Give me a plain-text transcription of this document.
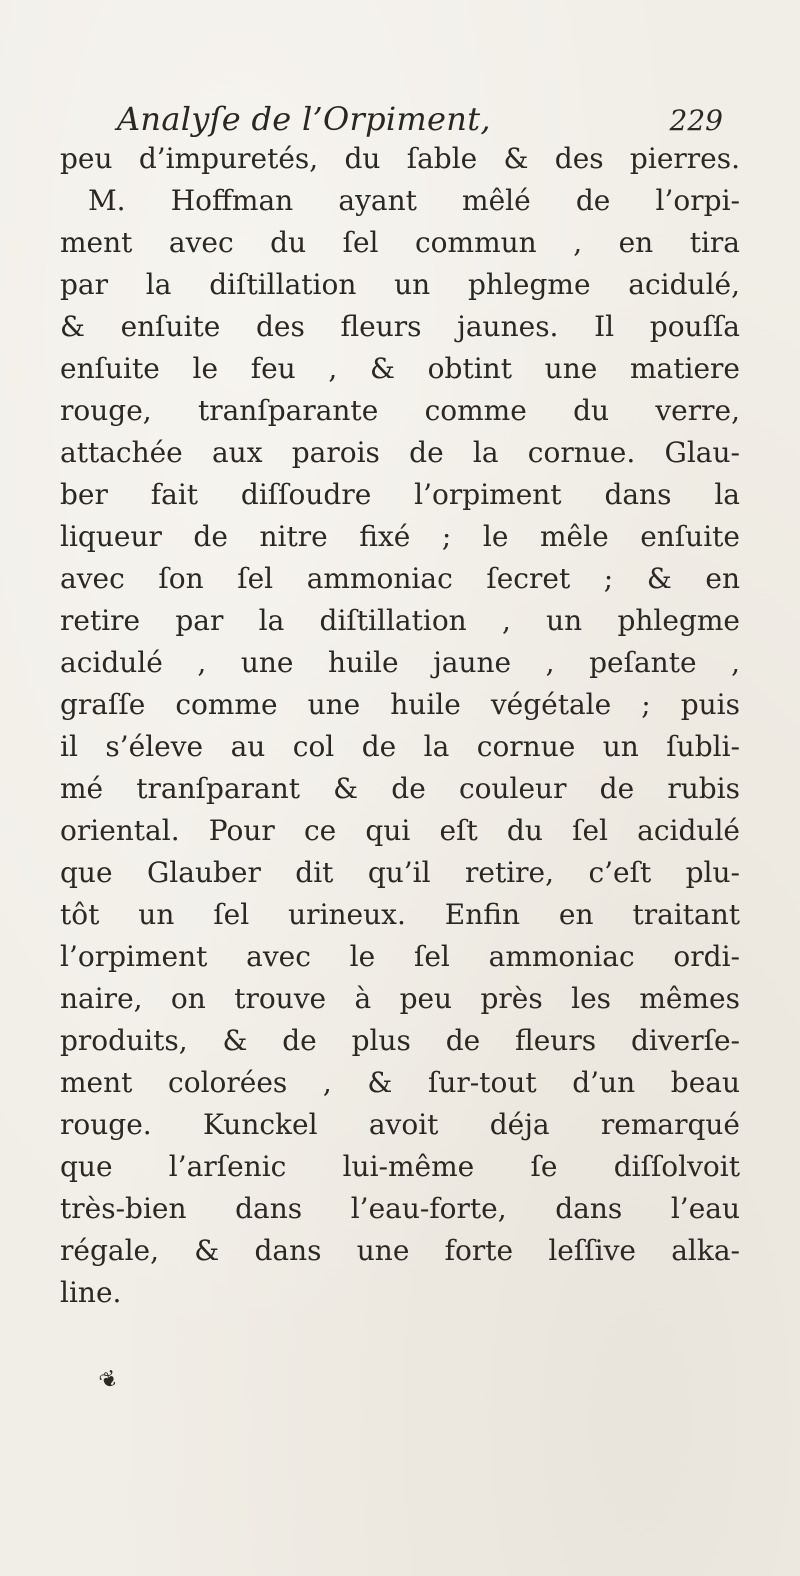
Analyſe de l’Orpiment,	229
peu d’impuretés, du ſable & des pierres.
M. Hoffman ayant mêlé de l’orpi-
ment avec du ſel commun , en tira
par la diſtillation un phlegme acidulé,
& enſuite des fleurs jaunes. Il pouſſa
enſuite le feu , & obtint une matiere
rouge, tranſparante comme du verre,
attachée aux parois de la cornue. Glau-
ber fait diſſoudre l’orpiment dans la
liqueur de nitre fixé ; le mêle enſuite
avec ſon ſel ammoniac ſecret ; & en
retire par la diſtillation , un phlegme
acidulé , une huile jaune , peſante ,
graſſe comme une huile végétale ; puis
il s’éleve au col de la cornue un ſubli-
mé tranſparant & de couleur de rubis
oriental. Pour ce qui eſt du ſel acidulé
que Glauber dit qu’il retire, c’eſt plu-
tôt un ſel urineux. Enfin en traitant
l’orpiment avec le ſel ammoniac ordi-
naire, on trouve à peu près les mêmes
produits, & de plus de fleurs diverſe-
ment colorées , & ſur-tout d’un beau
rouge. Kunckel avoit déja remarqué
que l’arſenic lui-même ſe diſſolvoit
très-bien dans l’eau-forte, dans l’eau
régale, & dans une forte leſſive alka-
line.
❦
